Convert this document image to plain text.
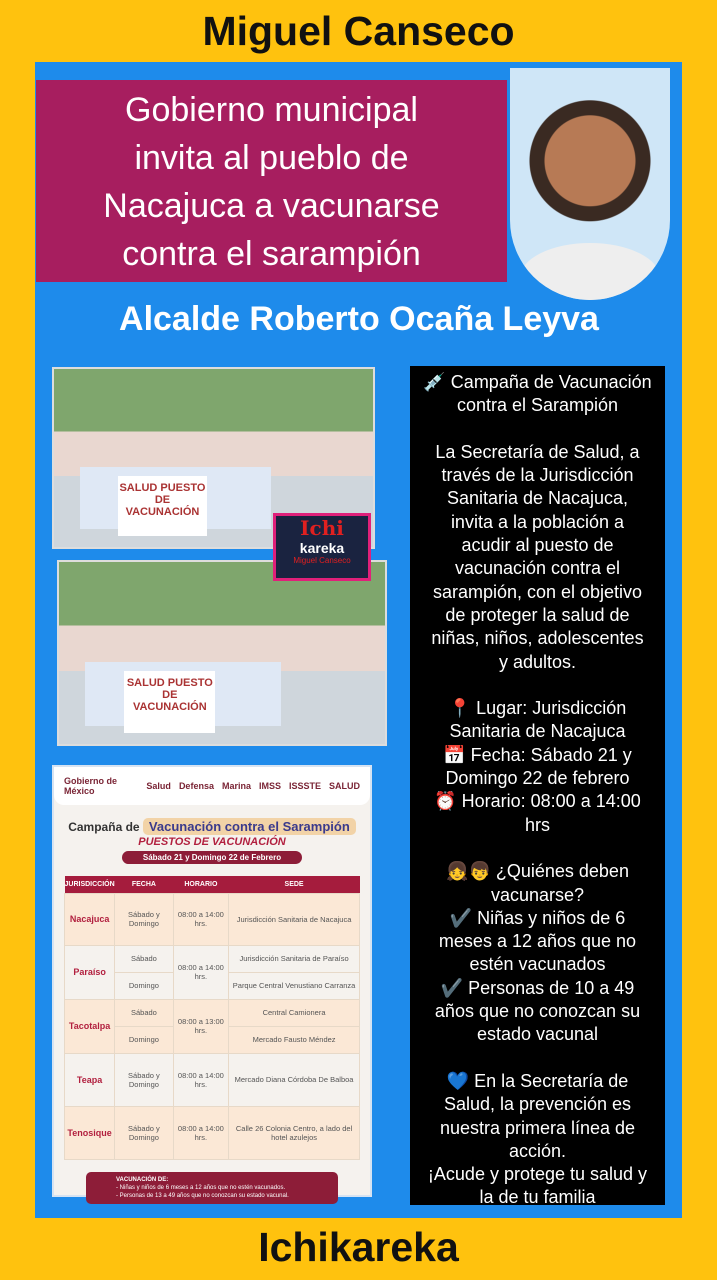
Miguel Canseco
Gobierno municipal
invita al pueblo de
Nacajuca a vacunarse
contra el sarampión
Alcalde Roberto Ocaña Leyva
SALUD PUESTO DE VACUNACIÓN
SALUD PUESTO DE VACUNACIÓN
Ichi
kareka
Miguel Canseco
Gobierno de México	Salud Defensa Marina IMSS ISSSTE SALUD
Campaña de Vacunación contra el Sarampión
PUESTOS DE VACUNACIÓN
Sábado 21 y Domingo 22 de Febrero
JURISDICCIÓN	FECHA	HORARIO	SEDE
Nacajuca	Sábado y Domingo	08:00 a 14:00 hrs.	Jurisdicción Sanitaria de Nacajuca
Paraíso	Sábado	08:00 a 14:00 hrs.	Jurisdicción Sanitaria de Paraíso
	Domingo		Parque Central Venustiano Carranza
Tacotalpa	Sábado	08:00 a 13:00 hrs.	Central Camionera
	Domingo		Mercado Fausto Méndez
Teapa	Sábado y Domingo	08:00 a 14:00 hrs.	Mercado Diana Córdoba De Balboa
Tenosique	Sábado y Domingo	08:00 a 14:00 hrs.	Calle 26 Colonia Centro, a lado del hotel azulejos
VACUNACIÓN DE:
- Niñas y niños de 6 meses a 12 años que no estén vacunados.
- Personas de 13 a 49 años que no conozcan su estado vacunal.

💉 Campaña de Vacunación
contra el Sarampión

La Secretaría de Salud, a
través de la Jurisdicción
Sanitaria de Nacajuca,
invita a la población a
acudir al puesto de
vacunación contra el
sarampión, con el objetivo
de proteger la salud de
niñas, niños, adolescentes
y adultos.

📍 Lugar: Jurisdicción
Sanitaria de Nacajuca
📅 Fecha: Sábado 21 y
Domingo 22 de febrero
⏰ Horario: 08:00 a 14:00
hrs

👧👦 ¿Quiénes deben
vacunarse?
✔️ Niñas y niños de 6
meses a 12 años que no
estén vacunados
✔️ Personas de 10 a 49
años que no conozcan su
estado vacunal

💙 En la Secretaría de
Salud, la prevención es
nuestra primera línea de
acción.
¡Acude y protege tu salud y
la de tu familia

Ichikareka
